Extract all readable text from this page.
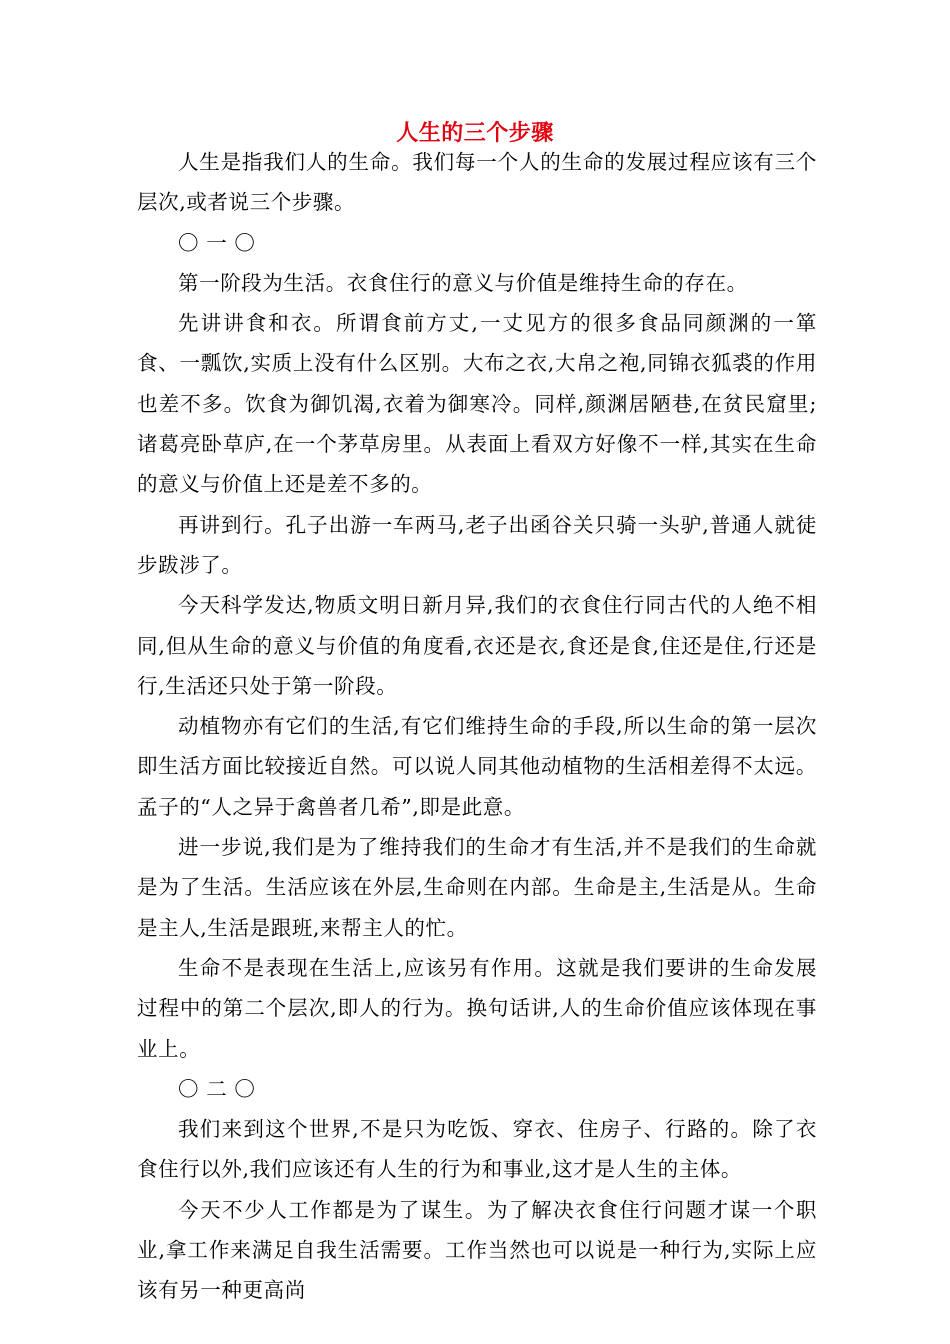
人生的三个步骤

人生是指我们人的生命。我们每一个人的生命的发展过程应该有三个层次,或者说三个步骤。

〇 一 〇

第一阶段为生活。衣食住行的意义与价值是维持生命的存在。

先讲讲食和衣。所谓食前方丈,一丈见方的很多食品同颜渊的一箪食、一瓢饮,实质上没有什么区别。大布之衣,大帛之袍,同锦衣狐裘的作用也差不多。饮食为御饥渴,衣着为御寒冷。同样,颜渊居陋巷,在贫民窟里;诸葛亮卧草庐,在一个茅草房里。从表面上看双方好像不一样,其实在生命的意义与价值上还是差不多的。

再讲到行。孔子出游一车两马,老子出函谷关只骑一头驴,普通人就徒步跋涉了。

今天科学发达,物质文明日新月异,我们的衣食住行同古代的人绝不相同,但从生命的意义与价值的角度看,衣还是衣,食还是食,住还是住,行还是行,生活还只处于第一阶段。

动植物亦有它们的生活,有它们维持生命的手段,所以生命的第一层次即生活方面比较接近自然。可以说人同其他动植物的生活相差得不太远。孟子的“人之异于禽兽者几希”,即是此意。

进一步说,我们是为了维持我们的生命才有生活,并不是我们的生命就是为了生活。生活应该在外层,生命则在内部。生命是主,生活是从。生命是主人,生活是跟班,来帮主人的忙。

生命不是表现在生活上,应该另有作用。这就是我们要讲的生命发展过程中的第二个层次,即人的行为。换句话讲,人的生命价值应该体现在事业上。

〇 二 〇

我们来到这个世界,不是只为吃饭、穿衣、住房子、行路的。除了衣食住行以外,我们应该还有人生的行为和事业,这才是人生的主体。

今天不少人工作都是为了谋生。为了解决衣食住行问题才谋一个职业,拿工作来满足自我生活需要。工作当然也可以说是一种行为,实际上应该有另一种更高尚
